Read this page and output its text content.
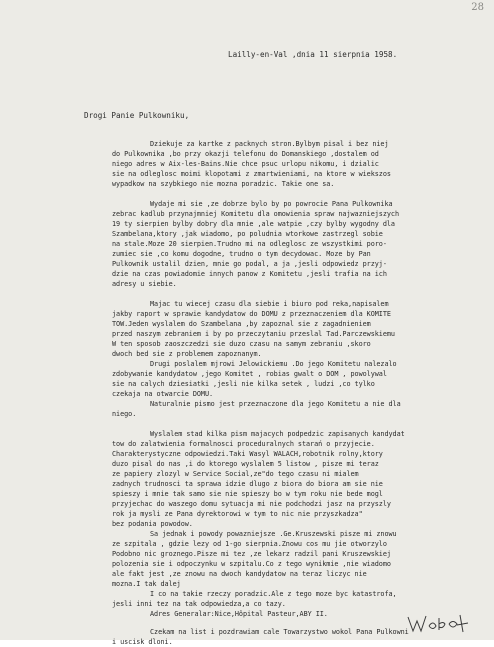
28
Lailly-en-Val ,dnia 11 sierpnia 1958.
Drogi Panie Pulkowniku,
Dziekuje za kartke z packnych stron.Bylbym pisal i bez niej
do Pulkownika ,bo przy okazji telefonu do Domanskiego ,dostalem od
niego adres w Aix-les-Bains.Nie chce psuc urlopu nikomu, i dzialic
sie na odleglosc moimi klopotami z zmartwieniami, na ktore w wiekszos
wypadkow na szybkiego nie mozna poradzic. Takie one sa.
Wydaje mi sie ,ze dobrze bylo by po powrocie Pana Pulkownika
zebrac kadlub przynajmniej Komitetu dla omowienia spraw najwazniejszych
19 ty sierpien bylby dobry dla mnie ,ale watpie ,czy bylby wygodny dla
Szambelana,ktory ,jak wiadomo, po poludnia wtorkowe zastrzegl sobie
na stale.Moze 20 sierpien.Trudno mi na odleglosc ze wszystkimi poro-
zumiec sie ,co komu dogodne, trudno o tym decydowac. Moze by Pan
Pulkownik ustalil dzien, mnie go podal, a ja ,jesli odpowiedz przyj-
dzie na czas powiadomie innych panow z Komitetu ,jesli trafia na ich
adresy u siebie.
Majac tu wiecej czasu dla siebie i biuro pod reka,napisalem
jakby raport w sprawie kandydatow do DOMU z przeznaczeniem dla KOMITE
TOW.Jeden wyslalem do Szambelana ,by zapoznal sie z zagadnieniem
przed naszym zebraniem i by po przeczytaniu przeslal Tad.Parczewskiemu
W ten sposob zaoszczedzi sie duzo czasu na samym zebraniu ,skoro
dwoch bed sie z problemem zapoznanym.
Drugi poslalem mjrowi Jelowickiemu .Do jego Komitetu nalezalo
zdobywanie kandydatow ,jego Komitet , robias gwalt o DOM , powolywal
sie na calych dziesiatki ,jesli nie kilka setek , ludzi ,co tylko
czekaja na otwarcie DOMU.
Naturalnie pismo jest przeznaczone dla jego Komitetu a nie dla
niego.
Wyslalem stad kilka pism majacych podpedzic zapisanych kandydat
tow do zalatwienia formalnosci proceduralnych starań o przyjecie.
Charakterystyczne odpowiedzi.Taki Wasyl WALACH,robotnik rolny,ktory
duzo pisal do nas ,i do ktorego wyslalem 5 listow , pisze mi teraz
ze papiery zlozyl w Service Social,ze"do tego czasu ni mialem
zadnych trudnosci ta sprawa idzie dlugo z biora do biora am sie nie
spieszy i mnie tak samo sie nie spieszy bo w tym roku nie bede mogl
przyjechac do waszego domu sytuacja mi nie podchodzi jasz na przyszly
rok ja mysli ze Pana dyrektorowi w tym to nic nie przyszkadza"
bez podania powodow.
Sa jednak i powody powazniejsze .Ge.Kruszewski pisze mi znowu
ze szpitala , gdzie lezy od 1-go sierpnia.Znowu cos mu jie otworzylo
Podobno nic groznego.Pisze mi tez ,ze lekarz radzil pani Kruszewskiej
polozenia sie i odpoczynku w szpitalu.Co z tego wynikmie ,nie wiadomo
ale fakt jest ,ze znowu na dwoch kandydatow na teraz liczyc nie
mozna.I tak dalej
I co na takie rzeczy poradzic.Ale z tego moze byc katastrofa,
jesli inni tez na tak odpowiedza,a co tazy.
Adres Generalar:Nice,Hôpital Pasteur,ABY II.
Czekam na list i pozdrawiam cale Towarzystwo wokol Pana Pulkowni
i uscisk dloni.
